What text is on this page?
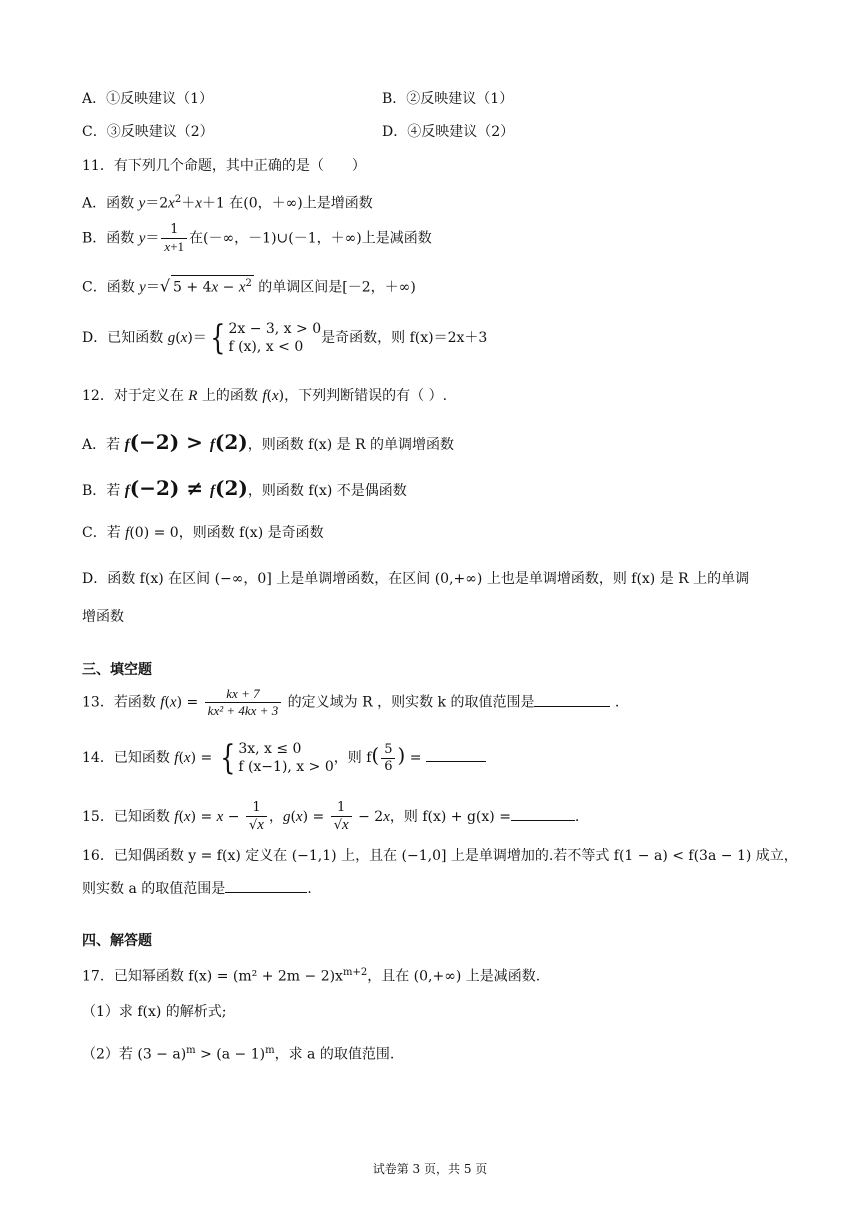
A．①反映建议（1）	B．②反映建议（1）
C．③反映建议（2）	D．④反映建议（2）
11．有下列几个命题，其中正确的是（　　）
A．函数 $y=2x^2+x+1$ 在(0，＋∞)上是增函数
B．函数 $y= \frac{1}{x+1}$ 在(－∞，－1)∪(－1，＋∞)上是减函数
C．函数 y＝√ $5 + 4x - x^2$ 的单调区间是[－2，＋∞)
D．已知函数 g(x)＝{ 2x − 3, x > 0
f (x), x < 0
是奇函数，则 f(x)＝2x＋3
12．对于定义在 R 上的函数 f(x)，下列判断错误的有（ ）.
A．若 f(−2) > f(2)，则函数 f(x) 是 R 的单调增函数
B．若 f(−2) ≠ f(2)，则函数 f(x) 不是偶函数
C．若 f(0) = 0，则函数 f(x) 是奇函数
D．函数 f(x) 在区间 (−∞，0] 上是单调增函数，在区间 (0,+∞) 上也是单调增函数，则 f(x) 是 R 上的单调
增函数
三、填空题
13．若函数 $f(x) = \frac{kx + 7}{\text{kx² + 4kx + 3}}$ 的定义域为 R ，则实数 k 的取值范围是	.
14．已知函数 f(x) = { 3x, x ≤ 0
f (x−1), x > 0
，则 $f( \frac{5}{6}$ ) =
15．已知函数 $f(x) = x - \frac{1}{√x}$ ，$g(x) = \frac{1}{√x} - 2x$，则 f(x) + g(x) =	.
16．已知偶函数 y = f(x) 定义在 (−1,1) 上，且在 (−1,0] 上是单调增加的.若不等式 f(1 − a) < f(3a − 1) 成立，
则实数 a 的取值范围是	.
四、解答题
17．已知幂函数 $f(x) = (m^2 + 2m - 2)x^{m+2}$，且在 (0,+∞) 上是减函数.
（1）求 f(x) 的解析式;
（2）若 $(3 - a)^m > (a - 1)^m$，求 a 的取值范围.
试卷第 3 页，共 5 页
